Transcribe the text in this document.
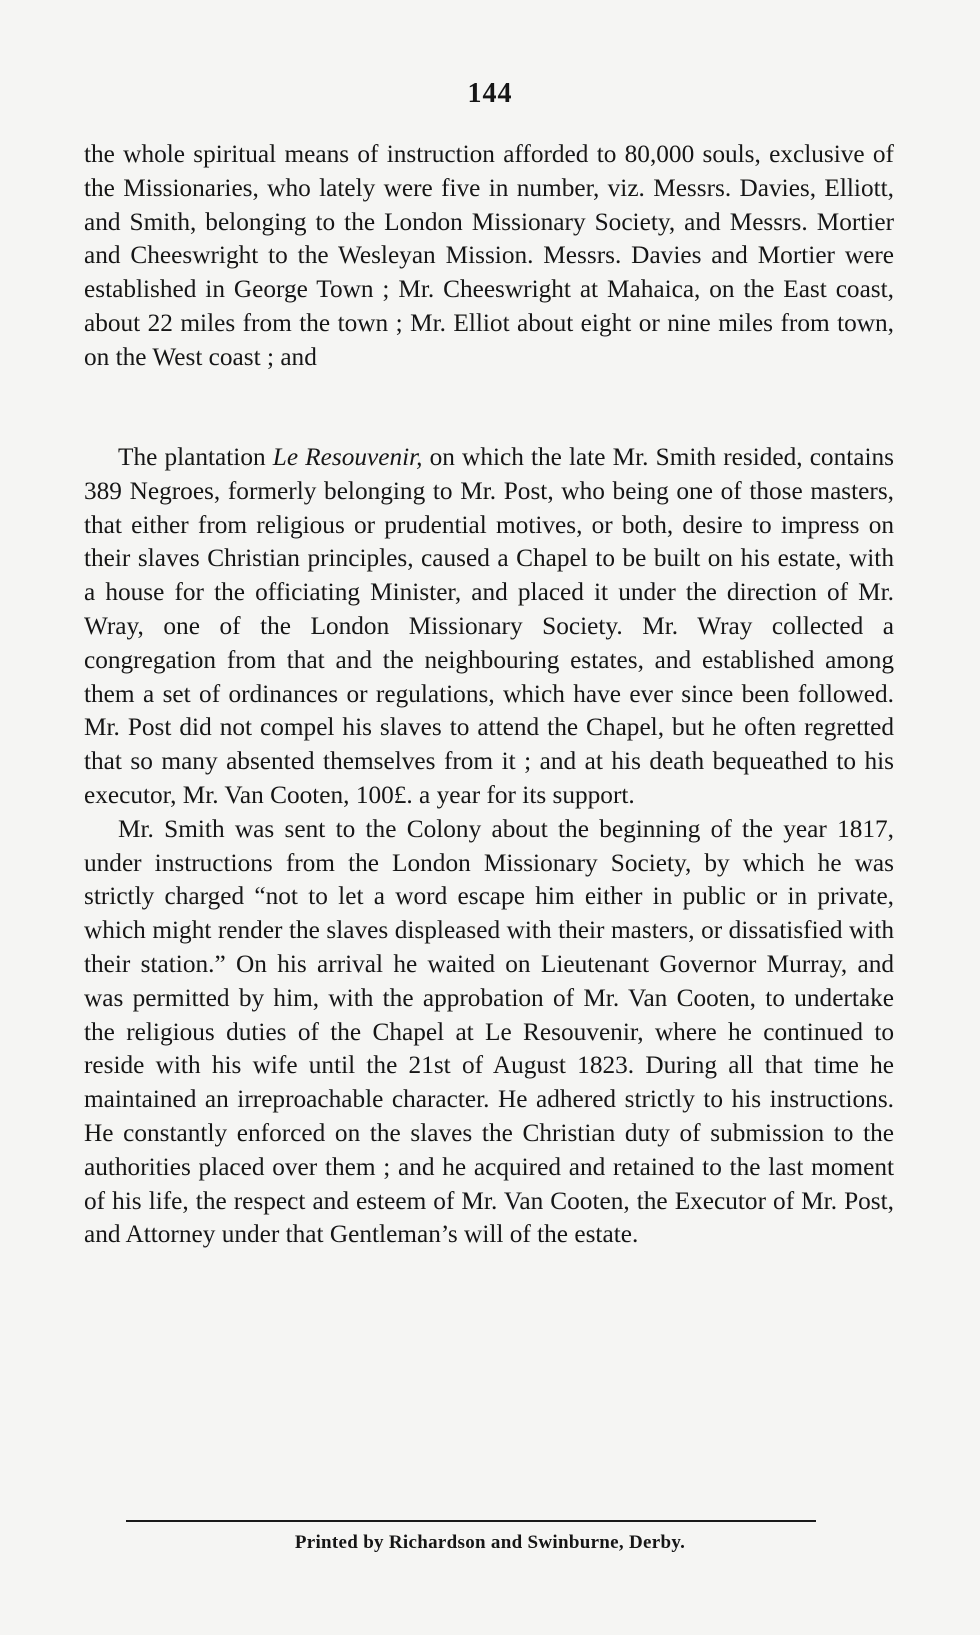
144

the whole spiritual means of instruction afforded to 80,000 souls, exclusive of the Missionaries, who lately were five in number, viz. Messrs. Davies, Elliott, and Smith, belonging to the London Missionary Society, and Messrs. Mortier and Cheeswright to the Wesleyan Mission. Messrs. Davies and Mortier were established in George Town ; Mr. Cheeswright at Mahaica, on the East coast, about 22 miles from the town ; Mr. Elliot about eight or nine miles from town, on the West coast ; and

The plantation Le Resouvenir, on which the late Mr. Smith resided, contains 389 Negroes, formerly belonging to Mr. Post, who being one of those masters, that either from religious or prudential motives, or both, desire to impress on their slaves Christian principles, caused a Chapel to be built on his estate, with a house for the officiating Minister, and placed it under the direction of Mr. Wray, one of the London Missionary Society. Mr. Wray collected a congregation from that and the neighbouring estates, and established among them a set of ordinances or regulations, which have ever since been followed. Mr. Post did not compel his slaves to attend the Chapel, but he often regretted that so many absented themselves from it ; and at his death bequeathed to his executor, Mr. Van Cooten, 100£. a year for its support.

Mr. Smith was sent to the Colony about the beginning of the year 1817, under instructions from the London Missionary Society, by which he was strictly charged “not to let a word escape him either in public or in private, which might render the slaves displeased with their masters, or dissatisfied with their station.” On his arrival he waited on Lieutenant Governor Murray, and was permitted by him, with the approbation of Mr. Van Cooten, to undertake the religious duties of the Chapel at Le Resouvenir, where he continued to reside with his wife until the 21st of August 1823. During all that time he maintained an irreproachable character. He adhered strictly to his instructions. He constantly enforced on the slaves the Christian duty of submission to the authorities placed over them ; and he acquired and retained to the last moment of his life, the respect and esteem of Mr. Van Cooten, the Executor of Mr. Post, and Attorney under that Gentleman’s will of the estate.

Printed by Richardson and Swinburne, Derby.
